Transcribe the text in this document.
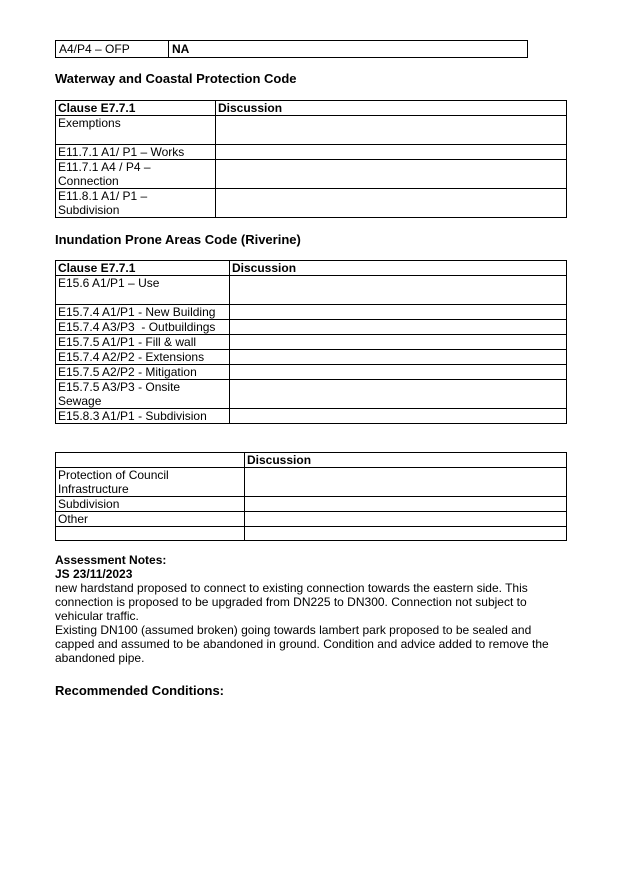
A4/P4 – OFP	NA
Waterway and Coastal Protection Code
Clause E7.7.1	Discussion
Exemptions	
E11.7.1 A1/ P1 – Works	
E11.7.1 A4 / P4 – Connection	
E11.8.1 A1/ P1 – Subdivision	
Inundation Prone Areas Code (Riverine)
Clause E7.7.1	Discussion
E15.6 A1/P1 – Use	
E15.7.4 A1/P1 - New Building	
E15.7.4 A3/P3  - Outbuildings	
E15.7.5 A1/P1 - Fill & wall	
E15.7.4 A2/P2 - Extensions	
E15.7.5 A2/P2 - Mitigation	
E15.7.5 A3/P3 - Onsite Sewage	
E15.8.3 A1/P1 - Subdivision	
	Discussion
Protection of Council Infrastructure	
Subdivision	
Other	

Assessment Notes:
JS 23/11/2023

new hardstand proposed to connect to existing connection towards the eastern side. This connection is proposed to be upgraded from DN225 to DN300. Connection not subject to vehicular traffic.

Existing DN100 (assumed broken) going towards lambert park proposed to be sealed and capped and assumed to be abandoned in ground. Condition and advice added to remove the abandoned pipe.

Recommended Conditions:
